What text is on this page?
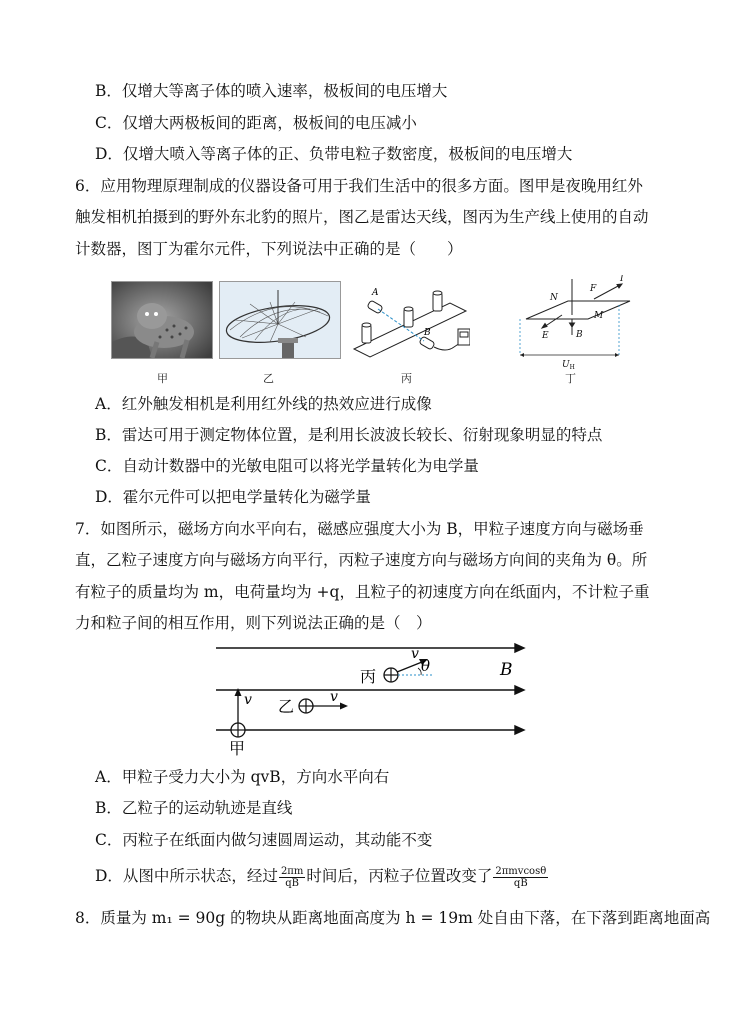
B．仅增大等离子体的喷入速率，极板间的电压增大
C．仅增大两极板间的距离，极板间的电压减小
D．仅增大喷入等离子体的正、负带电粒子数密度，极板间的电压增大
6．应用物理原理制成的仪器设备可用于我们生活中的很多方面。图甲是夜晚用红外
触发相机拍摄到的野外东北豹的照片，图乙是雷达天线，图丙为生产线上使用的自动
计数器，图丁为霍尔元件，下列说法中正确的是（　　）
甲	乙
A
B
丙
N
F
I
M
E	B
$U_H$
丁
A．红外触发相机是利用红外线的热效应进行成像
B．雷达可用于测定物体位置，是利用长波波长较长、衍射现象明显的特点
C．自动计数器中的光敏电阻可以将光学量转化为电学量
D．霍尔元件可以把电学量转化为磁学量
7．如图所示，磁场方向水平向右，磁感应强度大小为 B，甲粒子速度方向与磁场垂
直，乙粒子速度方向与磁场方向平行，丙粒子速度方向与磁场方向间的夹角为 θ。所
有粒子的质量均为 m，电荷量均为 +q，且粒子的初速度方向在纸面内，不计粒子重
力和粒子间的相互作用，则下列说法正确的是（　）
v
甲
乙	v
丙
v
θ	B
A．甲粒子受力大小为 qvB，方向水平向右
B．乙粒子的运动轨迹是直线
C．丙粒子在纸面内做匀速圆周运动，其动能不变
D．从图中所示状态，经过 $\frac{2\pi m}{qB}$ 时间后，丙粒子位置改变了 $\frac{\text{2πmvcosθ}}{qB}$
8．质量为 m₁ = 90g 的物块从距离地面高度为 h = 19m 处自由下落，在下落到距离地面高
